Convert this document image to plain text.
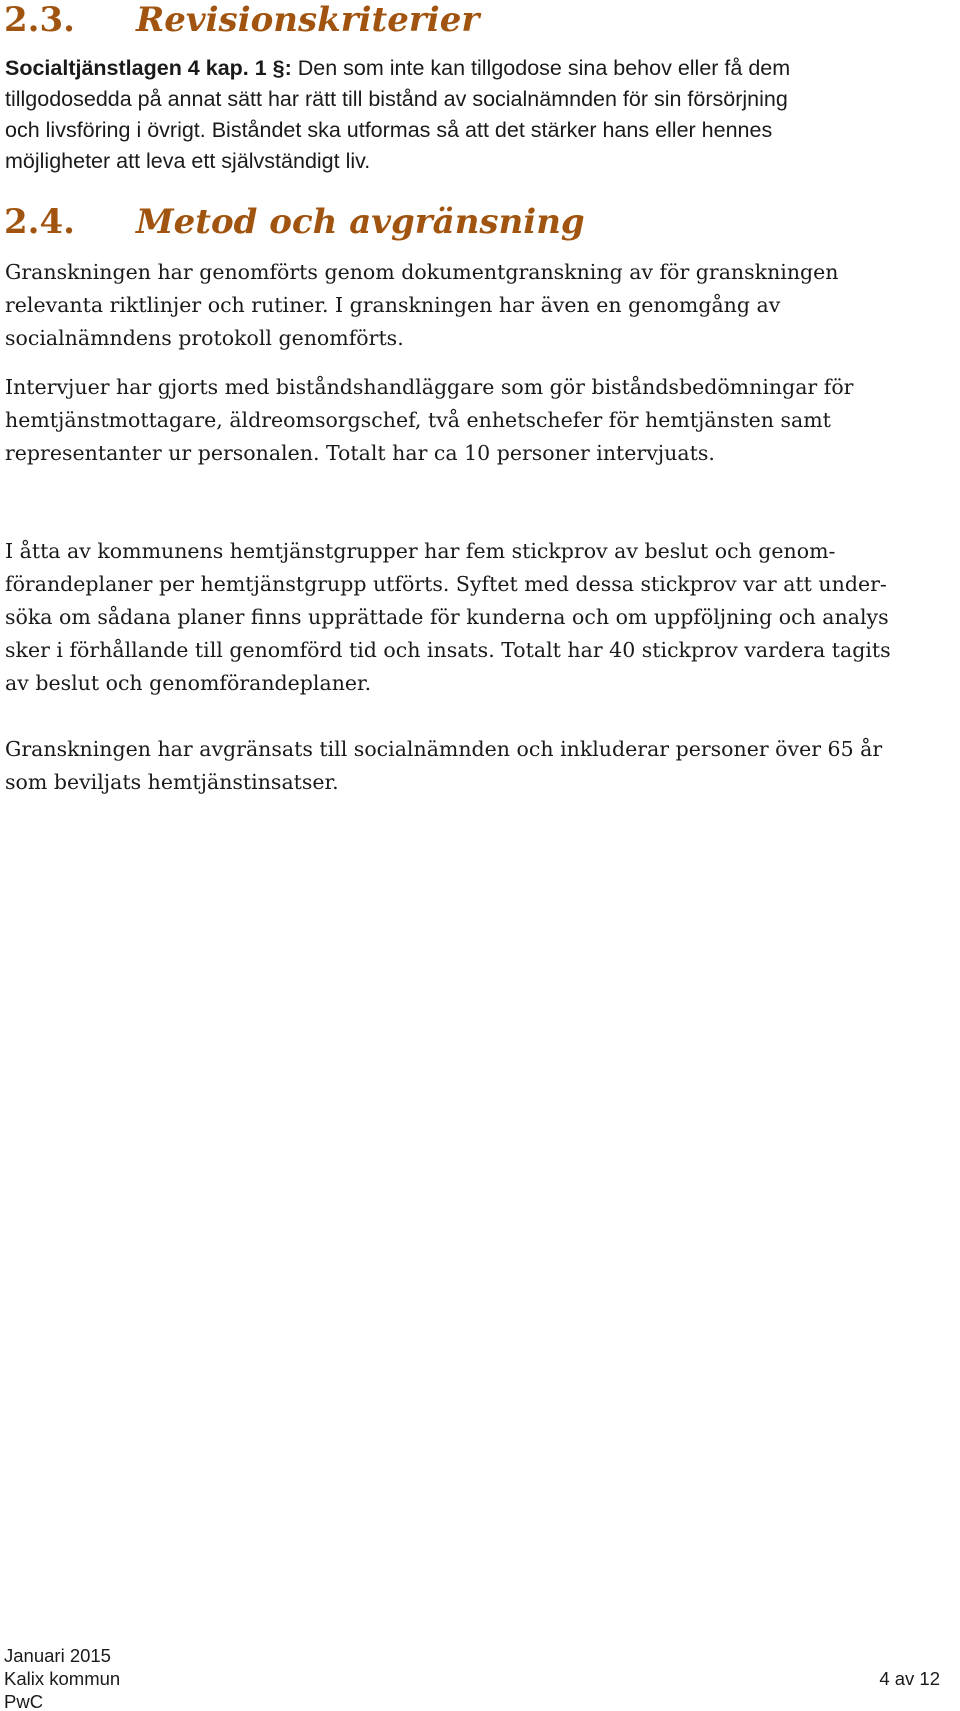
2.3. Revisionskriterier
Socialtjänstlagen 4 kap. 1 §: Den som inte kan tillgodose sina behov eller få dem
tillgodosedda på annat sätt har rätt till bistånd av socialnämnden för sin försörjning
och livsföring i övrigt. Biståndet ska utformas så att det stärker hans eller hennes
möjligheter att leva ett självständigt liv.
2.4. Metod och avgränsning

Granskningen har genomförts genom dokumentgranskning av för granskningen
relevanta riktlinjer och rutiner. I granskningen har även en genomgång av
socialnämndens protokoll genomförts.

Intervjuer har gjorts med biståndshandläggare som gör biståndsbedömningar för
hemtjänstmottagare, äldreomsorgschef, två enhetschefer för hemtjänsten samt
representanter ur personalen. Totalt har ca 10 personer intervjuats.

I åtta av kommunens hemtjänstgrupper har fem stickprov av beslut och genom-
förandeplaner per hemtjänstgrupp utförts. Syftet med dessa stickprov var att under-
söka om sådana planer finns upprättade för kunderna och om uppföljning och analys
sker i förhållande till genomförd tid och insats. Totalt har 40 stickprov vardera tagits
av beslut och genomförandeplaner.

Granskningen har avgränsats till socialnämnden och inkluderar personer över 65 år
som beviljats hemtjänstinsatser.

Januari 2015
Kalix kommun
PwC
4 av 12
